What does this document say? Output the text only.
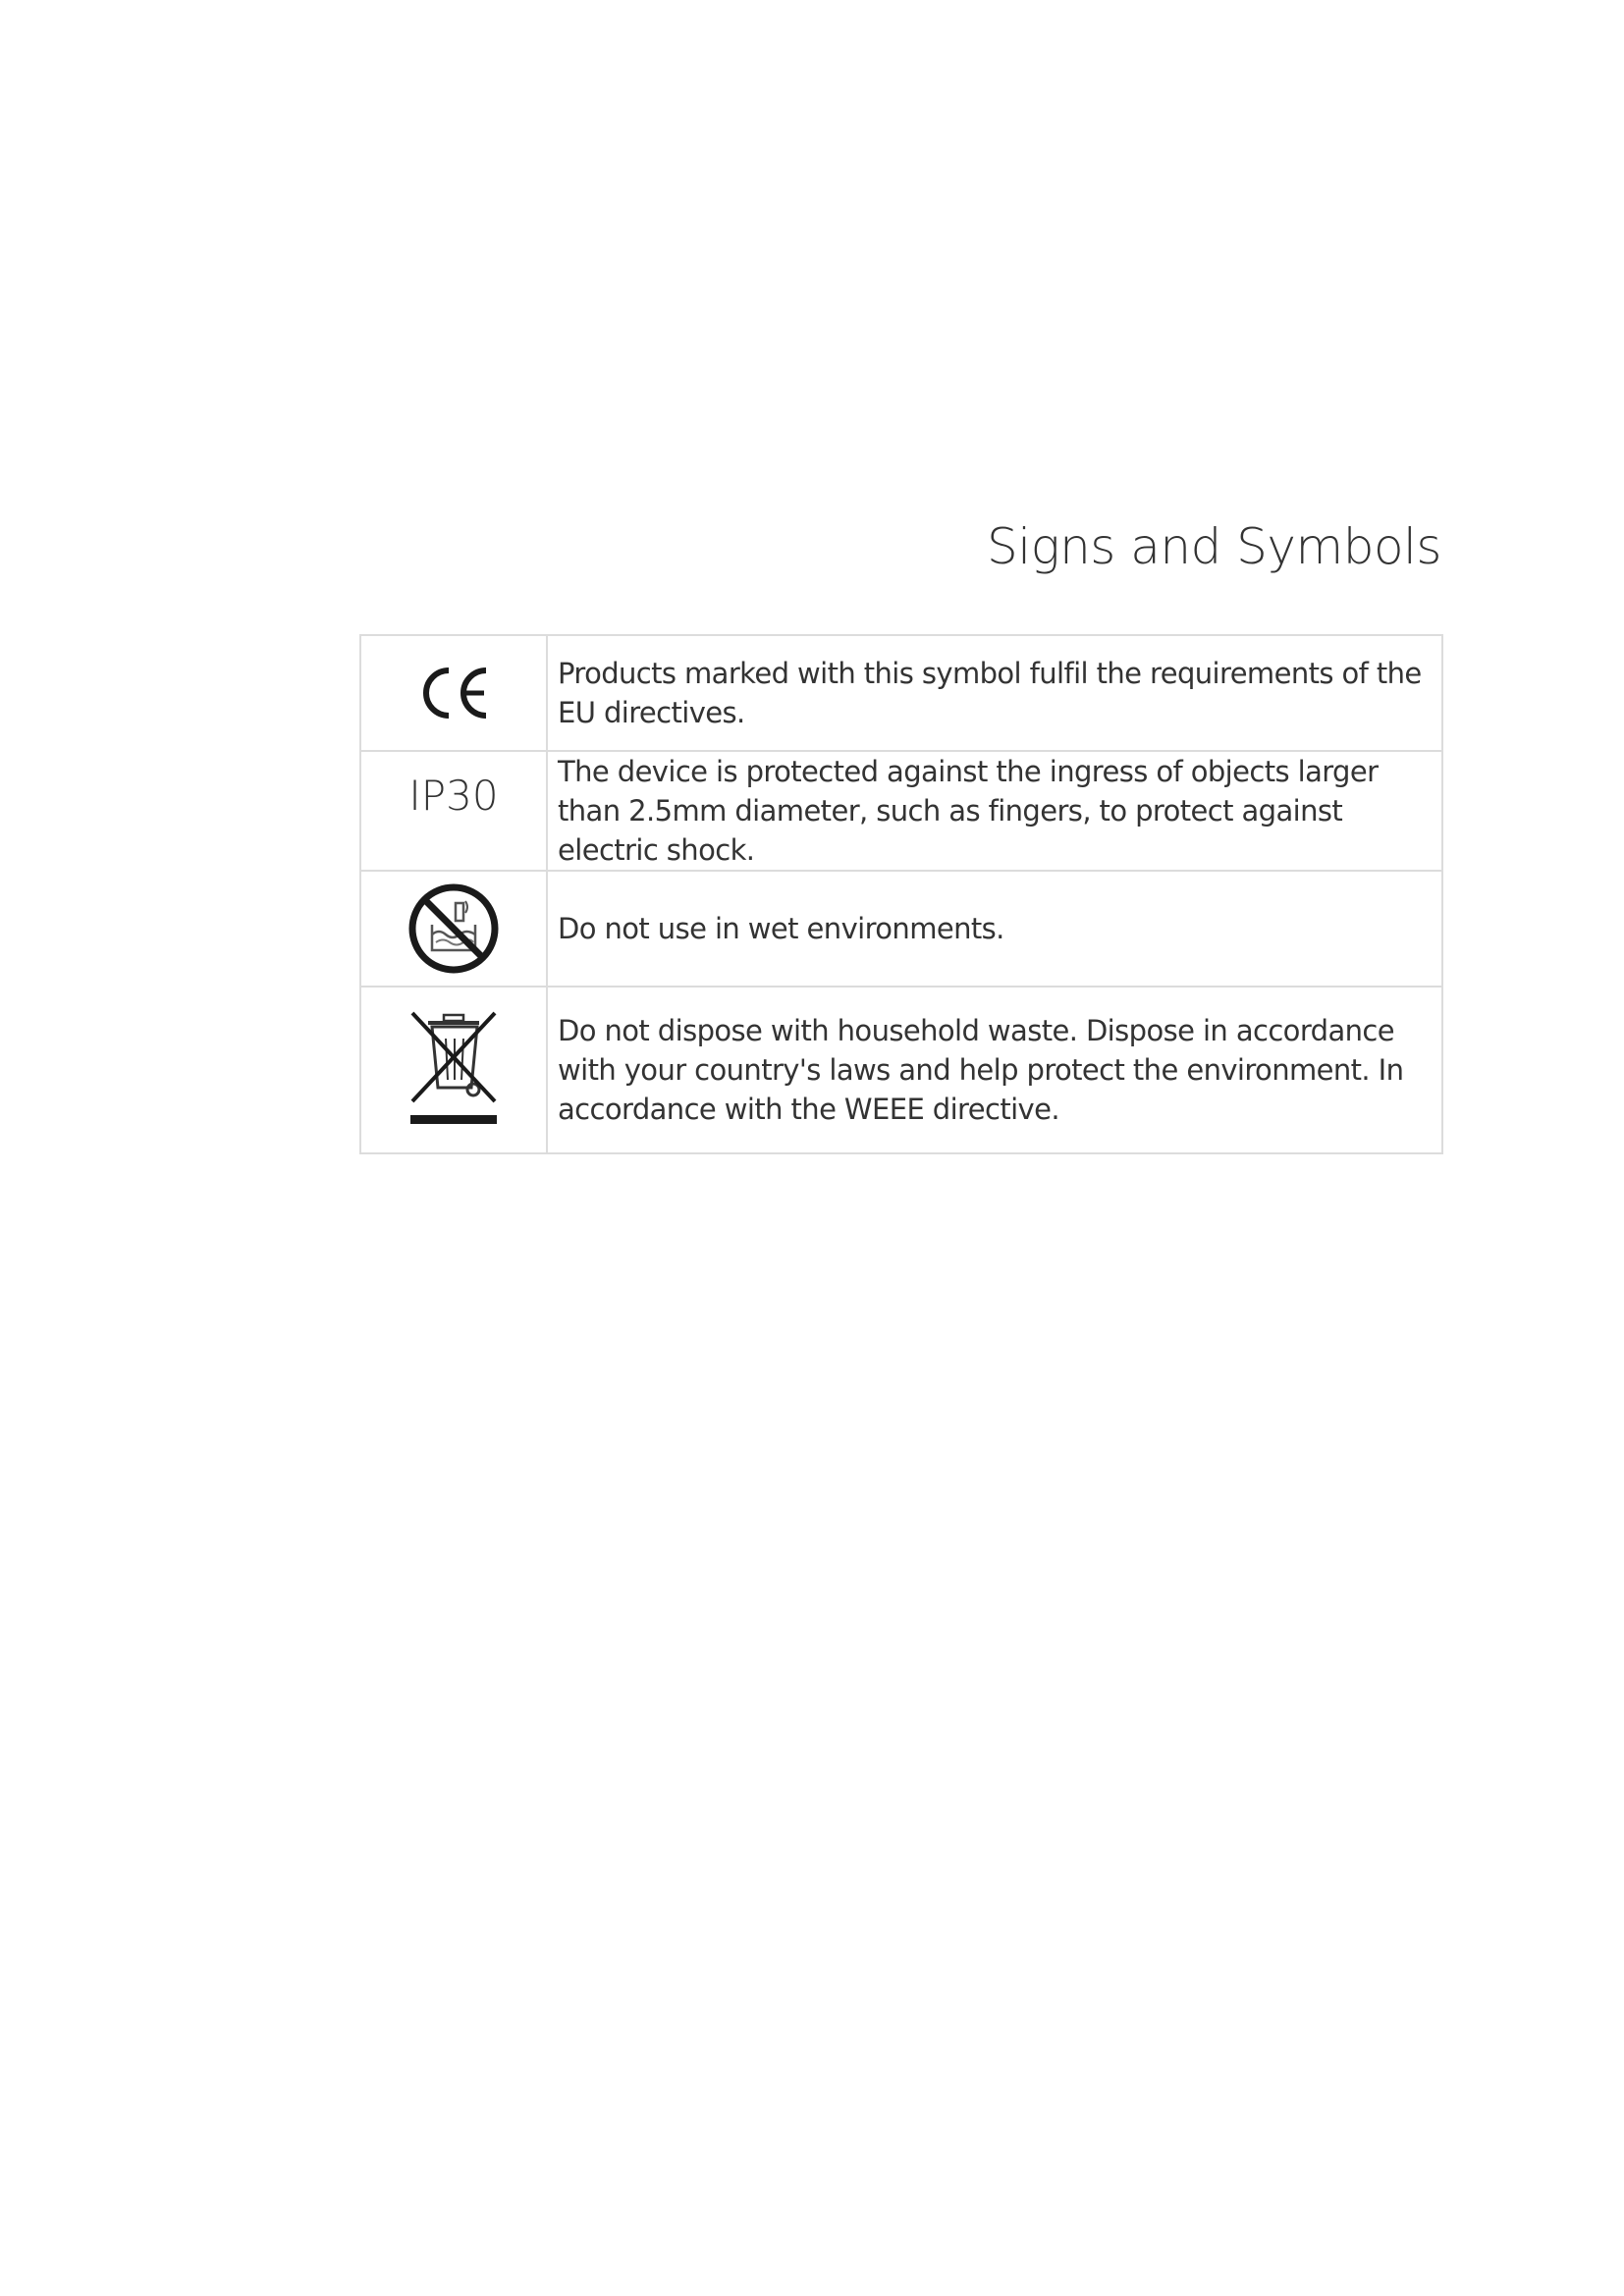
Signs and Symbols
	Products marked with this symbol fulfil the requirements of the EU directives.
IP30	The device is protected against the ingress of objects larger than 2.5mm diameter, such as fingers, to protect against electric shock.

	Do not use in wet environments.

	Do not dispose with household waste. Dispose in accordance with your country's laws and help protect the environment. In accordance with the WEEE directive.
